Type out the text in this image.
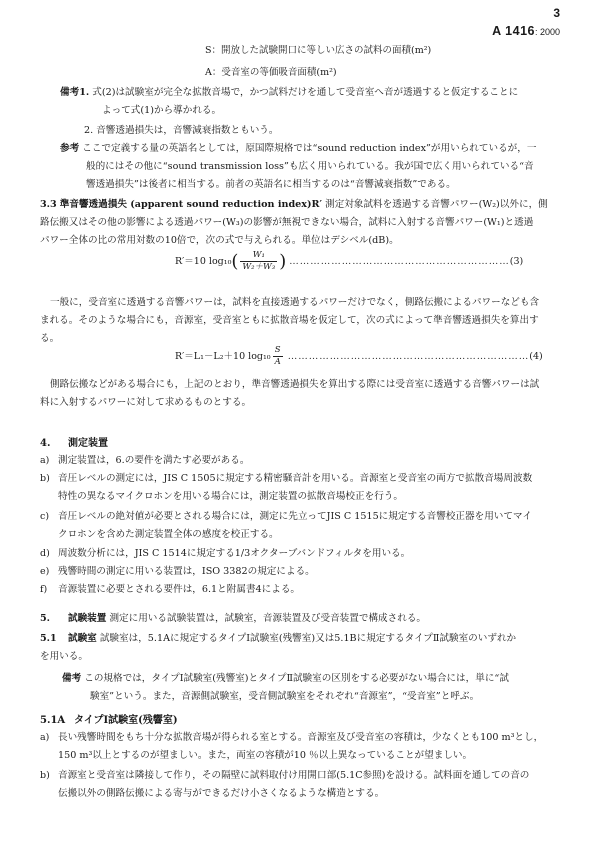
3
A 1416: 2000
S：開放した試験開口に等しい広さの試料の面積(m²)
A：受音室の等価吸音面積(m²)
備考1. 式(2)は試験室が完全な拡散音場で，かつ試料だけを通して受音室へ音が透過すると仮定することに
よって式(1)から導かれる。
2. 音響透過損失は，音響減衰指数ともいう。
参考 ここで定義する量の英語名としては，原国際規格では“sound reduction index”が用いられているが，一
般的にはその他に“sound transmission loss”も広く用いられている。我が国で広く用いられている“音
響透過損失”は後者に相当する。前者の英語名に相当するのは“音響減衰指数”である。
3.3 準音響透過損失 (apparent sound reduction index)R′ 測定対象試料を透過する音響パワー(W₂)以外に，側
路伝搬又はその他の影響による透過パワー(W₃)の影響が無視できない場合，試料に入射する音響パワー(W₁)と透過
パワー全体の比の常用対数の10倍で，次の式で与えられる。単位はデシベル(dB)。
R′＝10 $\log_{10}( \frac{\text{W₁}}{\text{W₂＋W₃}}$ ) ………………………………………………………(3)
一般に，受音室に透過する音響パワーは，試料を直接透過するパワーだけでなく，側路伝搬によるパワーなども含
まれる。そのような場合にも，音源室，受音室ともに拡散音場を仮定して，次の式によって準音響透過損失を算出す
る。
R′＝L₁－L₂＋10 $\log_{10} \frac{S}{A}$ ……………………………………………………………(4)
側路伝搬などがある場合にも，上記のとおり，準音響透過損失を算出する際には受音室に透過する音響パワーは試
料に入射するパワーに対して求めるものとする。
4. 測定装置
a) 測定装置は，6.の要件を満たす必要がある。
b) 音圧レベルの測定には，JIS C 1505に規定する精密騒音計を用いる。音源室と受音室の両方で拡散音場周波数
特性の異なるマイクロホンを用いる場合には，測定装置の拡散音場校正を行う。
c) 音圧レベルの絶対値が必要とされる場合には，測定に先立ってJIS C 1515に規定する音響校正器を用いてマイ
クロホンを含めた測定装置全体の感度を校正する。
d) 周波数分析には，JIS C 1514に規定する1/3オクターブバンドフィルタを用いる。
e) 残響時間の測定に用いる装置は，ISO 3382の規定による。
f) 音源装置に必要とされる要件は，6.1と附属書4による。
5. 試験装置 測定に用いる試験装置は，試験室，音源装置及び受音装置で構成される。
5.1 試験室 試験室は，5.1Aに規定するタイプⅠ試験室(残響室)又は5.1Bに規定するタイプⅡ試験室のいずれか
を用いる。
備考 この規格では，タイプⅠ試験室(残響室)とタイプⅡ試験室の区別をする必要がない場合には，単に“試
験室”という。また，音源側試験室，受音側試験室をそれぞれ“音源室”，“受音室”と呼ぶ。
5.1A タイプⅠ試験室(残響室)
a) 長い残響時間をもち十分な拡散音場が得られる室とする。音源室及び受音室の容積は，少なくとも100 m³とし，
150 m³以上とするのが望ましい。また，両室の容積が10 ％以上異なっていることが望ましい。
b) 音源室と受音室は隣接して作り，その隔壁に試料取付け用開口部(5.1C参照)を設ける。試料面を通しての音の
伝搬以外の側路伝搬による寄与ができるだけ小さくなるような構造とする。
